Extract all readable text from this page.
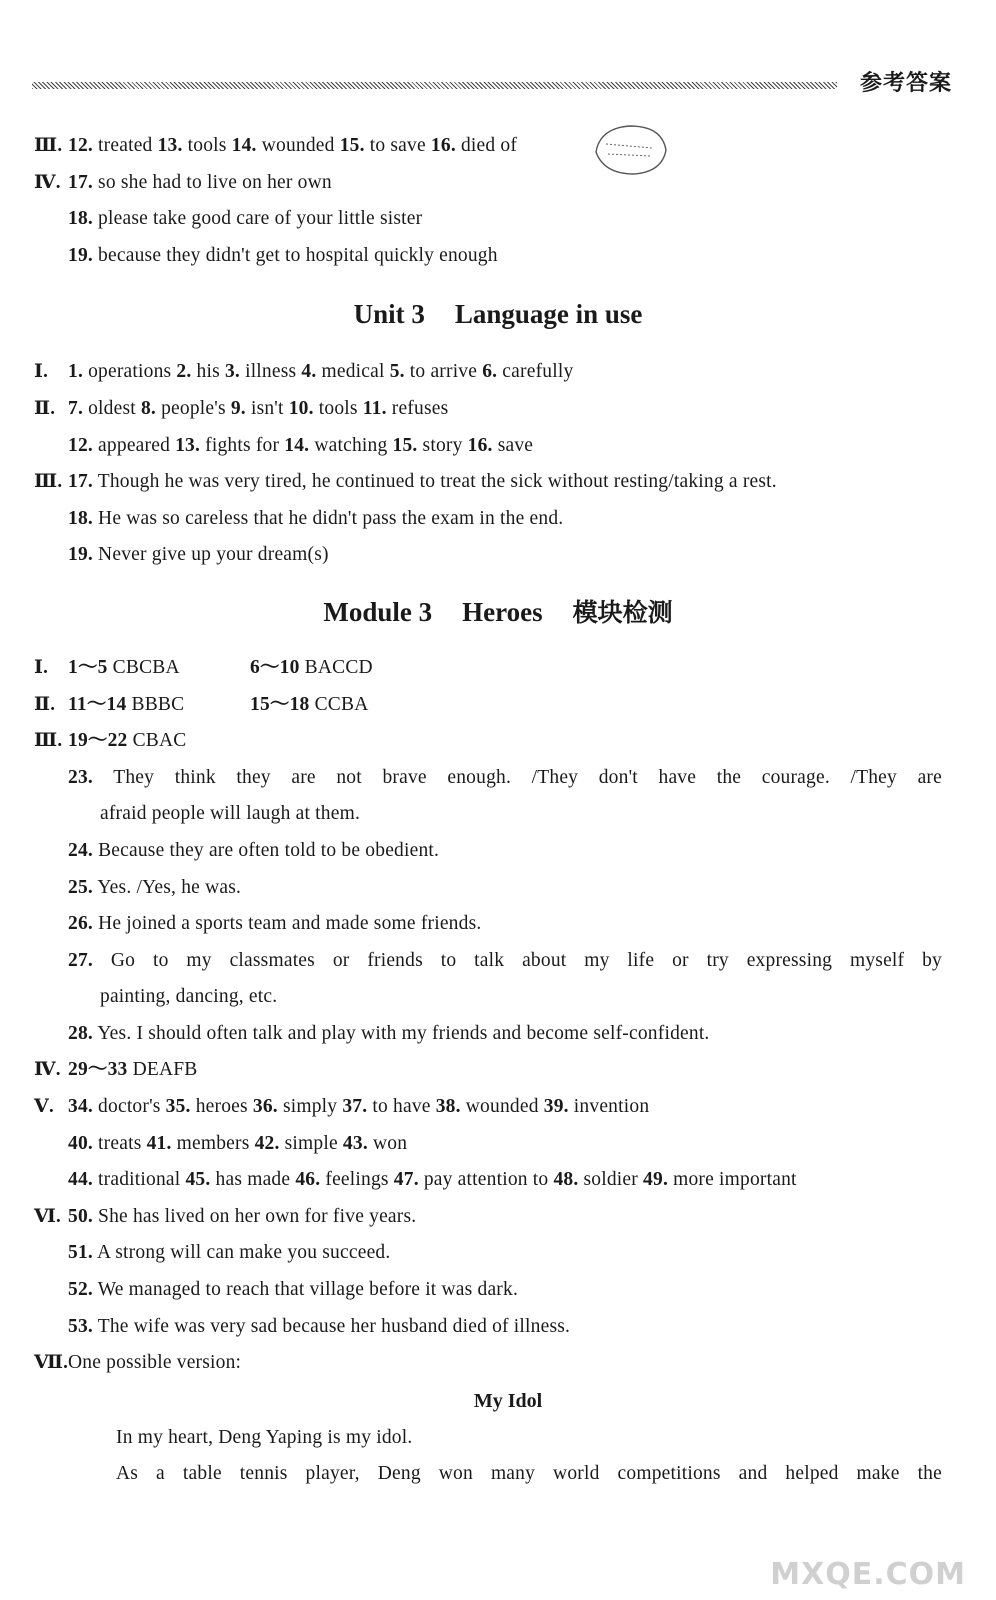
参考答案
Ⅲ. 12. treated 13. tools 14. wounded 15. to save 16. died of
Ⅳ. 17. so she had to live on her own
18. please take good care of your little sister
19. because they didn't get to hospital quickly enough
Unit 3 Language in use
Ⅰ. 1. operations 2. his 3. illness 4. medical 5. to arrive 6. carefully
Ⅱ. 7. oldest 8. people's 9. isn't 10. tools 11. refuses
12. appeared 13. fights for 14. watching 15. story 16. save
Ⅲ. 17. Though he was very tired, he continued to treat the sick without resting/taking a rest.
18. He was so careless that he didn't pass the exam in the end.
19. Never give up your dream(s)
Module 3 Heroes 模块检测
Ⅰ. 1～5 CBCBA	6～10 BACCD
Ⅱ. 11～14 BBBC	15～18 CCBA
Ⅲ. 19～22 CBAC
23. They think they are not brave enough. /They don't have the courage. /They are
afraid people will laugh at them.
24. Because they are often told to be obedient.
25. Yes. /Yes, he was.
26. He joined a sports team and made some friends.
27. Go to my classmates or friends to talk about my life or try expressing myself by
painting, dancing, etc.
28. Yes. I should often talk and play with my friends and become self-confident.
Ⅳ. 29～33 DEAFB
Ⅴ. 34. doctor's 35. heroes 36. simply 37. to have 38. wounded 39. invention
40. treats 41. members 42. simple 43. won
44. traditional 45. has made 46. feelings 47. pay attention to 48. soldier 49. more important
Ⅵ. 50. She has lived on her own for five years.
51. A strong will can make you succeed.
52. We managed to reach that village before it was dark.
53. The wife was very sad because her husband died of illness.
Ⅶ. One possible version:
My Idol
In my heart, Deng Yaping is my idol.
As a table tennis player, Deng won many world competitions and helped make the
MXQE.COM
